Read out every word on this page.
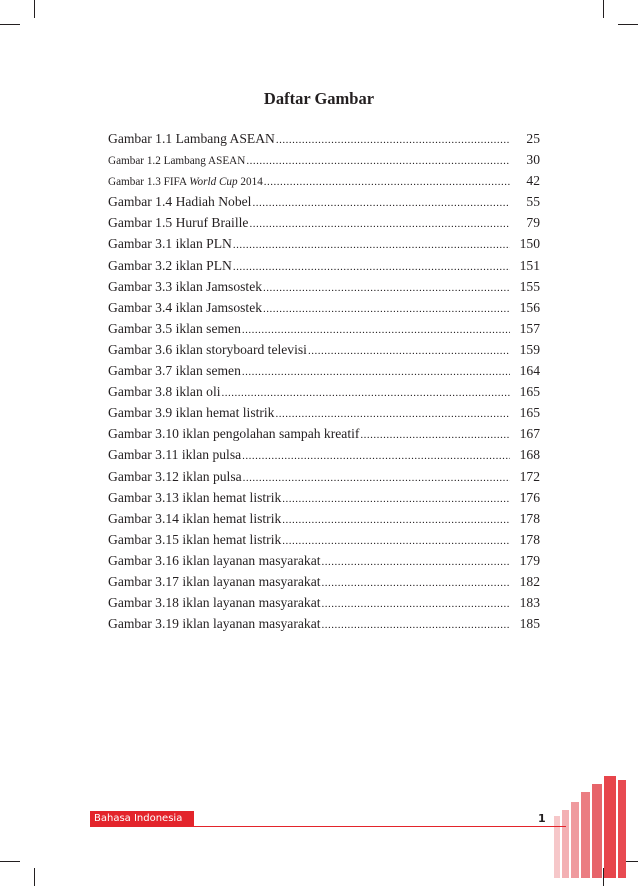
Daftar Gambar
Gambar 1.1 Lambang ASEAN .....	25
Gambar 1.2 Lambang ASEAN .....	30
Gambar 1.3 FIFA World Cup 2014 .....	42
Gambar 1.4 Hadiah Nobel .....	55
Gambar 1.5 Huruf Braille .....	79
Gambar 3.1 iklan PLN .....	150
Gambar 3.2 iklan PLN .....	151
Gambar 3.3 iklan Jamsostek .....	155
Gambar 3.4 iklan Jamsostek .....	156
Gambar 3.5 iklan semen .....	157
Gambar 3.6 iklan storyboard televisi .....	159
Gambar 3.7 iklan semen .....	164
Gambar 3.8 iklan oli .....	165
Gambar 3.9 iklan hemat listrik .....	165
Gambar 3.10 iklan pengolahan sampah kreatif .....	167
Gambar 3.11 iklan pulsa .....	168
Gambar 3.12 iklan pulsa .....	172
Gambar 3.13 iklan hemat listrik .....	176
Gambar 3.14 iklan hemat listrik .....	178
Gambar 3.15 iklan hemat listrik .....	178
Gambar 3.16 iklan layanan masyarakat .....	179
Gambar 3.17 iklan layanan masyarakat .....	182
Gambar 3.18 iklan layanan masyarakat .....	183
Gambar 3.19 iklan layanan masyarakat .....	185
Bahasa Indonesia	1
